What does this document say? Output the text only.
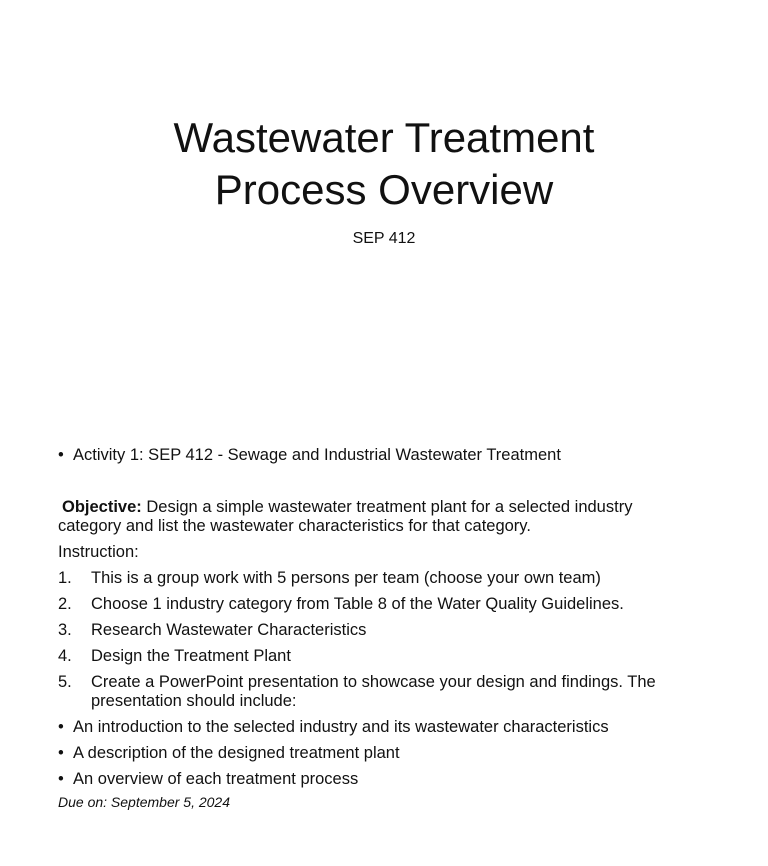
Wastewater Treatment
Process Overview
SEP 412
• Activity 1: SEP 412 - Sewage and Industrial Wastewater Treatment
Objective: Design a simple wastewater treatment plant for a selected industry
category and list the wastewater characteristics for that category.
Instruction:
1. This is a group work with 5 persons per team (choose your own team)
2. Choose 1 industry category from Table 8 of the Water Quality Guidelines.
3. Research Wastewater Characteristics
4. Design the Treatment Plant
5. Create a PowerPoint presentation to showcase your design and findings. The presentation should include:
• An introduction to the selected industry and its wastewater characteristics
• A description of the designed treatment plant
• An overview of each treatment process
Due on: September 5, 2024
